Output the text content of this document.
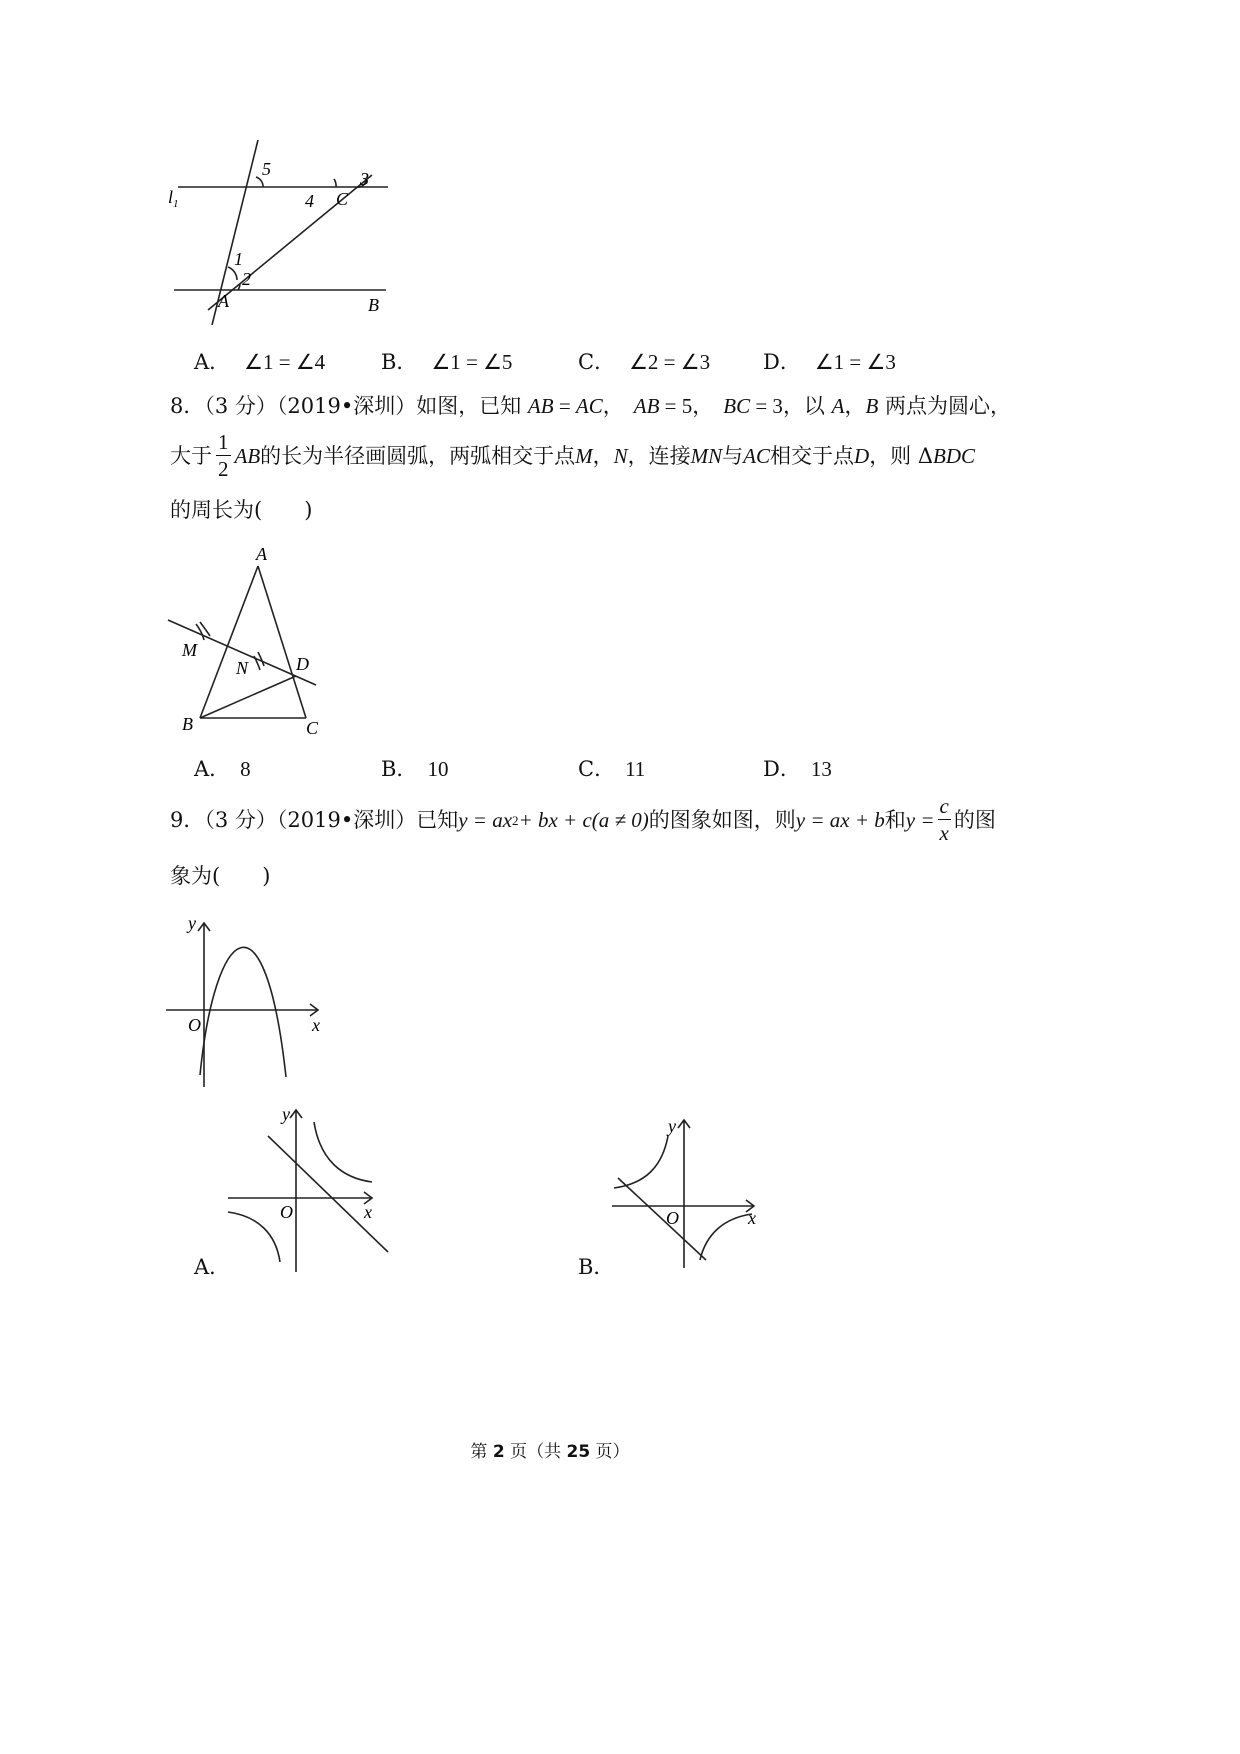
$l_1$
5	3
4 C
1
2
A	B
A． ∠1 = ∠4	B． ∠1 = ∠5	C． ∠2 = ∠3	D． ∠1 = ∠3
8．（3 分）（2019•深圳）如图，已知 AB = AC， AB = 5， BC = 3，以 A，B 两点为圆心，
大于 $\frac{1}{2}$ AB 的长为半径画圆弧，两弧相交于点 M ， N ，连接 MN 与 AC 相交于点 D ，则 Δ BDC
的周长为(　　)
A
M
N	D
B	C
A． 8	B． 10	C． 11	D． 13
9．（3 分）（2019•深圳）已知 y = ax 2 + bx + c(a ≠ 0) 的图象如图，则 y = ax + b 和 $y = \frac{c}{x}$ 的图
象为(　　)
y
x
O
A．
y
x
O
B．
y
x
O
第 2 页（共 25 页）
